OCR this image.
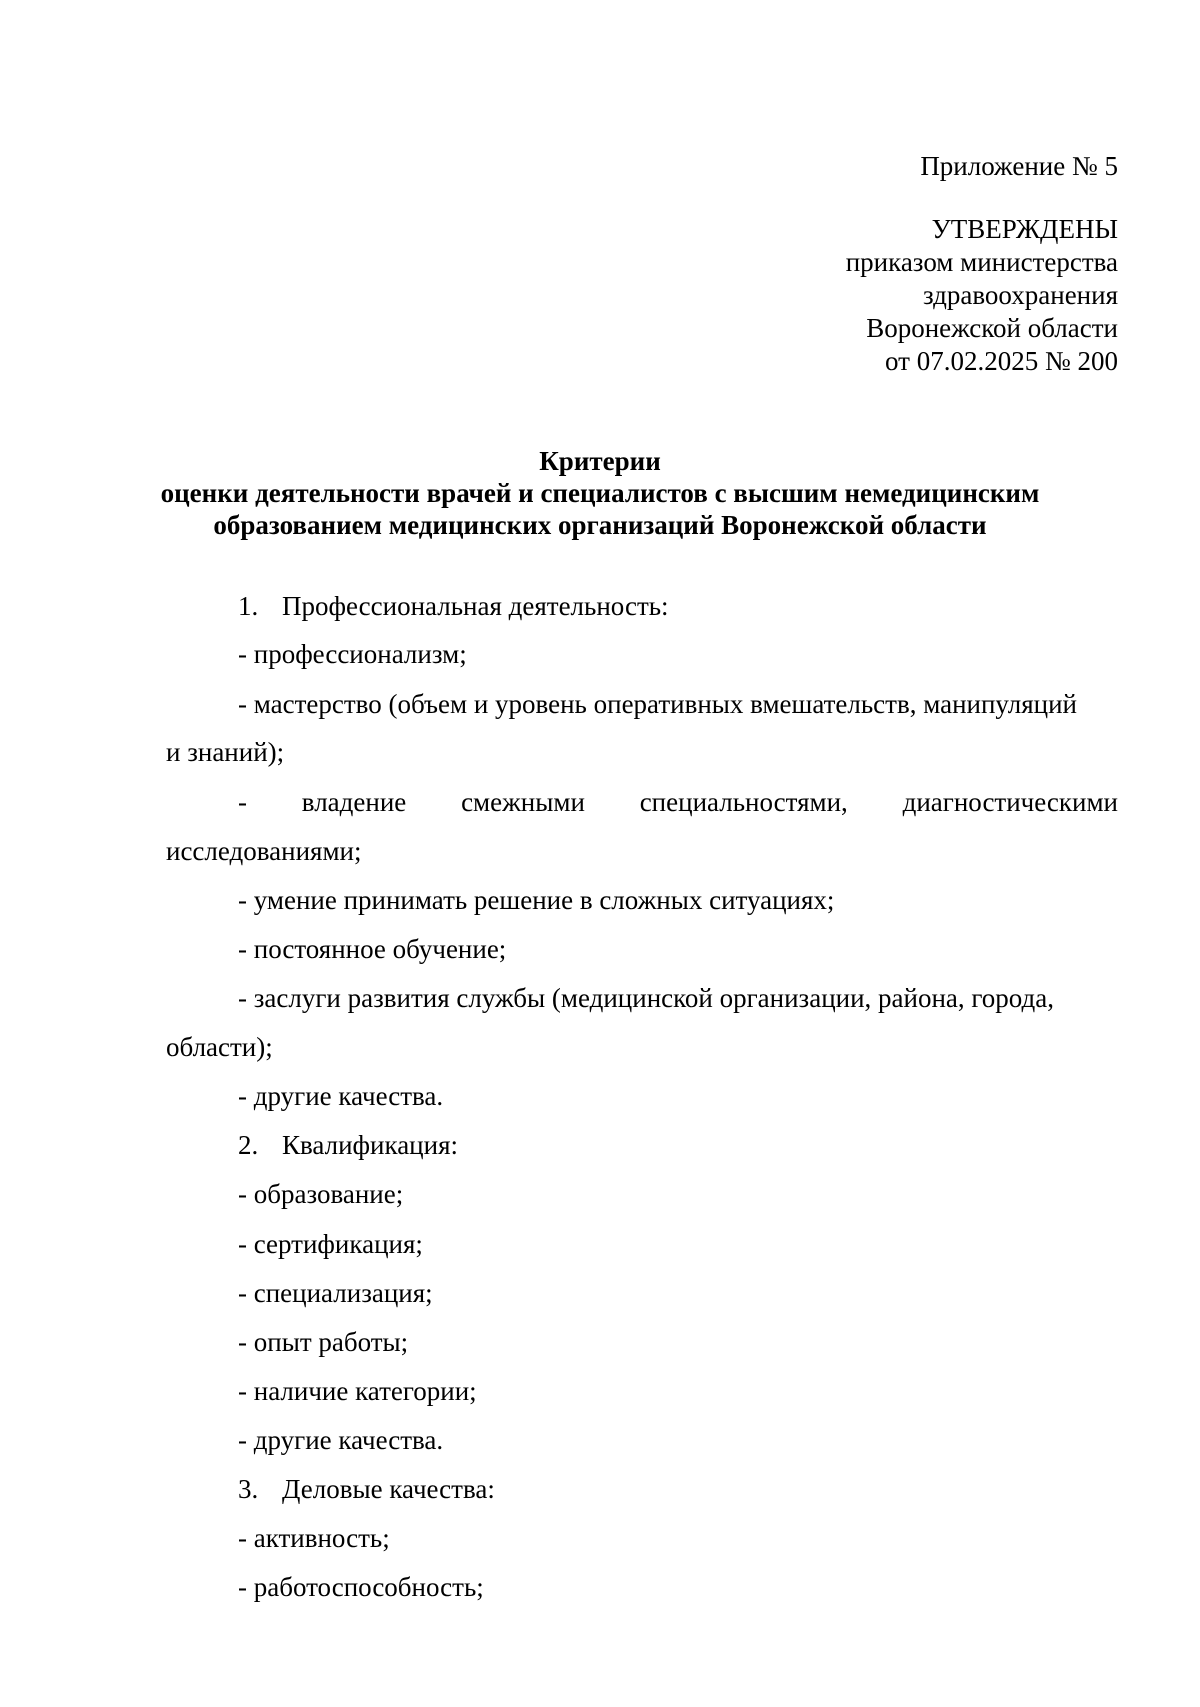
Приложение № 5
УТВЕРЖДЕНЫ
приказом министерства
здравоохранения
Воронежской области
от 07.02.2025 № 200
Критерии
оценки деятельности врачей и специалистов с высшим немедицинским
образованием медицинских организаций Воронежской области
1. Профессиональная деятельность:
- профессионализм;
- мастерство (объем и уровень оперативных вмешательств, манипуляций
и знаний);
- владение смежными специальностями, диагностическими
исследованиями;
- умение принимать решение в сложных ситуациях;
- постоянное обучение;
- заслуги развития службы (медицинской организации, района, города,
области);
- другие качества.
2. Квалификация:
- образование;
- сертификация;
- специализация;
- опыт работы;
- наличие категории;
- другие качества.
3. Деловые качества:
- активность;
- работоспособность;
